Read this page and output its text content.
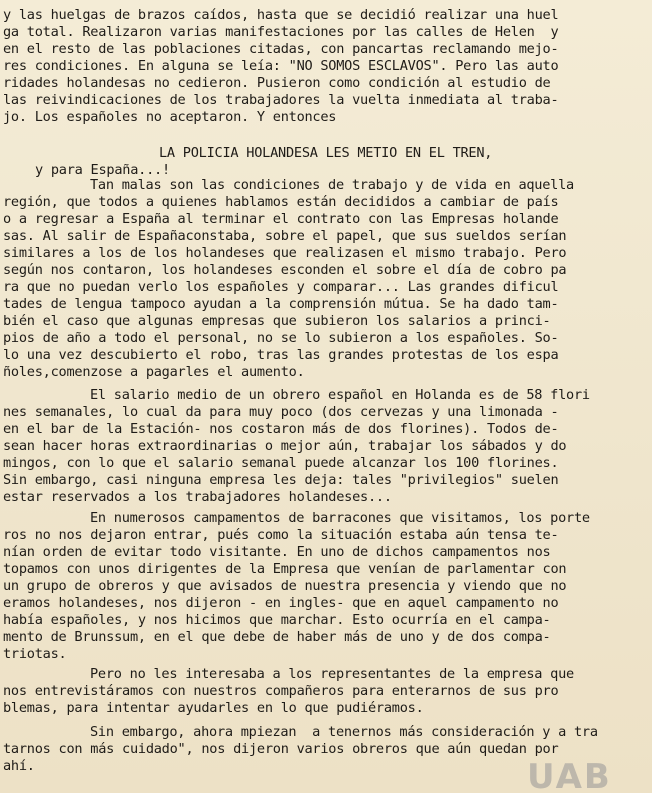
y las huelgas de brazos caídos, hasta que se decidió realizar una huel
ga total. Realizaron varias manifestaciones por las calles de Helen  y
en el resto de las poblaciones citadas, con pancartas reclamando mejo-
res condiciones. En alguna se leía: "NO SOMOS ESCLAVOS". Pero las auto
ridades holandesas no cedieron. Pusieron como condición al estudio de
las reivindicaciones de los trabajadores la vuelta inmediata al traba-
jo. Los españoles no aceptaron. Y entonces
LA POLICIA HOLANDESA LES METIO EN EL TREN,
y para España...!
Tan malas son las condiciones de trabajo y de vida en aquella
región, que todos a quienes hablamos están decididos a cambiar de país
o a regresar a España al terminar el contrato con las Empresas holande
sas. Al salir de Españaconstaba, sobre el papel, que sus sueldos serían
similares a los de los holandeses que realizasen el mismo trabajo. Pero
según nos contaron, los holandeses esconden el sobre el día de cobro pa
ra que no puedan verlo los españoles y comparar... Las grandes dificul
tades de lengua tampoco ayudan a la comprensión mútua. Se ha dado tam-
bién el caso que algunas empresas que subieron los salarios a princi-
pios de año a todo el personal, no se lo subieron a los españoles. So-
lo una vez descubierto el robo, tras las grandes protestas de los espa
ñoles,comenzose a pagarles el aumento.
El salario medio de un obrero español en Holanda es de 58 flori
nes semanales, lo cual da para muy poco (dos cervezas y una limonada -
en el bar de la Estación- nos costaron más de dos florines). Todos de-
sean hacer horas extraordinarias o mejor aún, trabajar los sábados y do
mingos, con lo que el salario semanal puede alcanzar los 100 florines.
Sin embargo, casi ninguna empresa les deja: tales "privilegios" suelen
estar reservados a los trabajadores holandeses...
En numerosos campamentos de barracones que visitamos, los porte
ros no nos dejaron entrar, pués como la situación estaba aún tensa te-
nían orden de evitar todo visitante. En uno de dichos campamentos nos
topamos con unos dirigentes de la Empresa que venían de parlamentar con
un grupo de obreros y que avisados de nuestra presencia y viendo que no
eramos holandeses, nos dijeron - en ingles- que en aquel campamento no
había españoles, y nos hicimos que marchar. Esto ocurría en el campa-
mento de Brunssum, en el que debe de haber más de uno y de dos compa-
triotas.
Pero no les interesaba a los representantes de la empresa que
nos entrevistáramos con nuestros compañeros para enterarnos de sus pro
blemas, para intentar ayudarles en lo que pudiéramos.
Sin embargo, ahora mpiezan  a tenernos más consideración y a tra
tarnos con más cuidado", nos dijeron varios obreros que aún quedan por
ahí.	UAB
